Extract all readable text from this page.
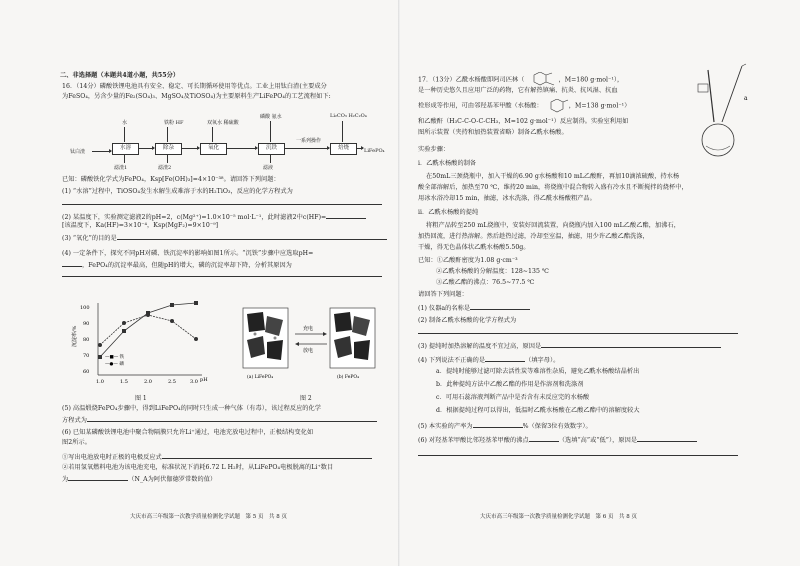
二、非选择题（本题共4道小题，共55分）
16．（14分）磷酸铁锂电池具有安全、稳定、可长期循环使用等优点。工业上用钛白渣(主要成分
为FeSO₄，另含少量的Fe₂(SO₄)₃、MgSO₄及TiOSO₄)为主要原料生产LiFePO₄的工艺流程如下:
钛白渣
水	铁粉 HF	双氧水 稀硫酸
磷酸 氨水
一系列操作
Li₂CO₃ H₂C₂O₄
水溶	除杂	氧化	沉铁	焙烧	LiFePO₄
滤渣1	滤渣2	滤液
已知：磷酸铁化学式为FePO₄，Ksp[Fe(OH)₃]=4×10⁻³⁸。请回答下列问题：
(1) “水溶”过程中，TiOSO₄发生水解生成难溶于水的H₂TiO₃，反应的化学方程式为
(2) 某温度下，实验测定滤液2的pH=2，c(Mg²⁺)=1.0×10⁻⁵ mol·L⁻¹，此时滤液2中c(HF)=
[该温度下，Ka(HF)=3×10⁻⁴，Ksp(MgF₂)=9×10⁻⁹]
(3) “氧化”的目的是
(4) 一定条件下，探究不同pH对磷、铁沉淀率的影响如图1所示。“沉铁”步骤中应选取pH=
，FePO₄的沉淀率最高，但随pH的增大，磷的沉淀率却下降，分析其原因为
沉淀率/%
100
90
80
70
60
1.0	1.5	2.0	2.5	3.0 pH
—■— 铁
—●— 磷
图 1
充电
放电
(a) LiFePO₄	(b) FePO₄
图 2
(5) 高温煅烧FePO₄步骤中，得到LiFePO₄的同时只生成一种气体（有毒），该过程反应的化学
方程式为
(6) 已知某磷酸铁锂电池中聚合物隔膜只允许Li⁺通过，电池充放电过程中，正极结构变化如
图2所示。
①写出电池放电时正极的电极反应式
②若用氢氧燃料电池为该电池充电，标准状况下消耗6.72 L H₂时，从LiFePO₄电极脱离的Li⁺数目
为	（N_A为阿伏伽德罗常数的值）
大庆市高三年级第一次教学质量检测化学试题　第 5 页　共 8 页
17．（13分）乙酰水杨酸即阿司匹林（	，M=180 g·mol⁻¹），
是一种历史悠久且应用广泛的药物，它有解热镇痛、抗炎、抗风湿、抗血
栓形成等作用，可由邻羟基苯甲酸（水杨酸：	，M=138 g·mol⁻¹）
和乙酸酐（H₃C-C-O-C-CH₃，M=102 g·mol⁻¹）反应制得。实验室利用如
图所示装置（夹持和加热装置省略）制备乙酰水杨酸。
a
实验步骤：
i．乙酰水杨酸的制备
在50mL三颈烧瓶中，加入干燥的6.90 g水杨酸和10 mL乙酸酐，再加10滴浓硫酸，持水杨
酸全部溶解后，加热至70 ℃，维持20 min，将烧瓶中混合物转入盛有冷水且不断搅拌的烧杯中，
用冰水浴冷却15 min，抽滤，冰水洗涤，得乙酰水杨酸粗产品。
ii．乙酰水杨酸的提纯
将粗产品转至250 mL烧瓶中，安装好回流装置，向烧瓶内加入100 mL乙酸乙酯，加沸石，
加热回流，进行热溶解。然后趁热过滤，冷却至室温，抽滤，用少许乙酸乙酯洗涤，
干燥，得无色晶体状乙酰水杨酸5.50g。
已知：①乙酸酐密度为1.08 g·cm⁻³
②乙酰水杨酸的分解温度：128~135 ℃
③乙酸乙酯的沸点：76.5~77.5 ℃
请回答下列问题：
(1) 仪器a的名称是
(2) 制备乙酰水杨酸的化学方程式为
(3) 提纯时加热溶解的温度不宜过高，原因是
(4) 下列说法不正确的是	（填字母）。
a．提纯时能够过滤可除去活性炭等难溶性杂质，避免乙酰水杨酸结晶析出
b．此种提纯方法中乙酸乙酯的作用是作溶剂和洗涤剂
c．可用石蕊溶液判断产品中是否含有未反应完的水杨酸
d．根据提纯过程可以得出，低温时乙酰水杨酸在乙酸乙酯中的溶解度较大
(5) 本实验的产率为	%（保留3位有效数字）。
(6) 对羟基苯甲酸比邻羟基苯甲酸的沸点	（选填“高”或“低”），原因是
大庆市高三年级第一次教学质量检测化学试题　第 6 页　共 8 页
